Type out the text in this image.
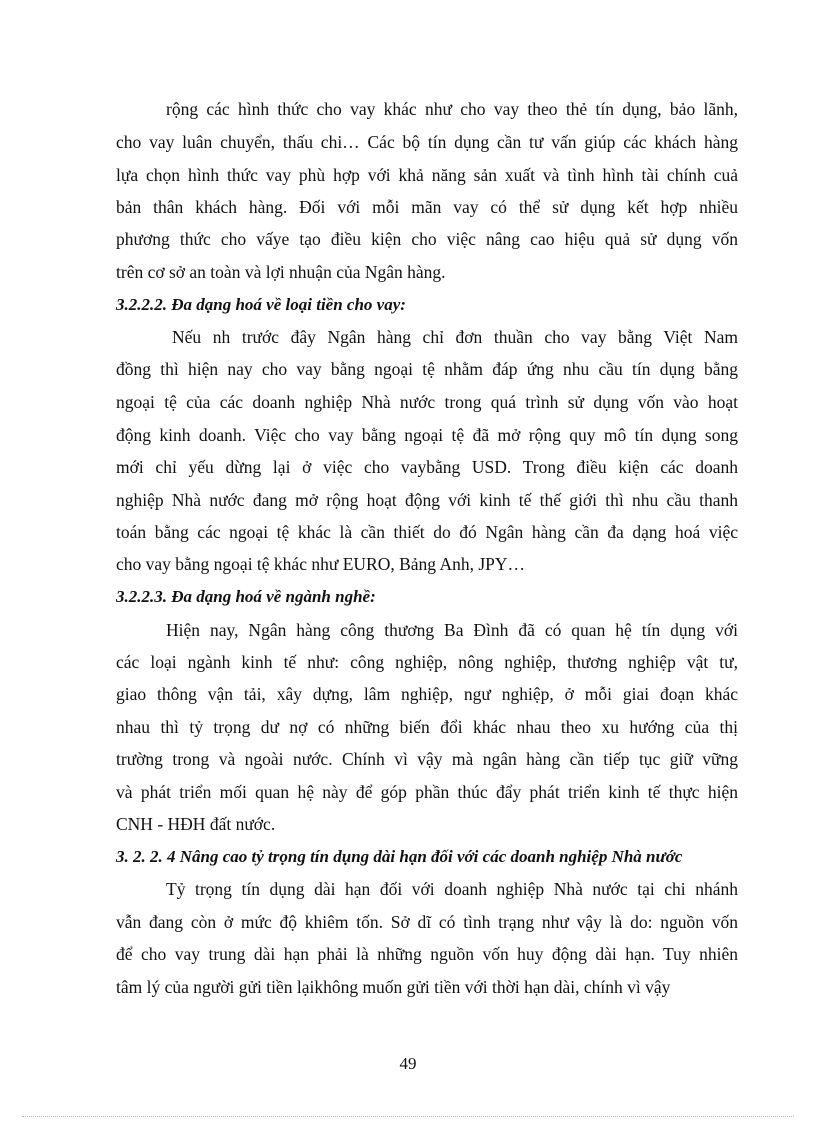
rộng các hình thức cho vay khác như cho vay theo thẻ tín dụng, bảo lãnh,
cho vay luân chuyển, thấu chi… Các bộ tín dụng cần tư vấn giúp các khách hàng
lựa chọn hình thức vay phù hợp với khả năng sản xuất và tình hình tài chính cuả
bản thân khách hàng. Đối với mỗi mãn vay có thể sử dụng kết hợp nhiều
phương thức cho vấye tạo điều kiện cho việc nâng cao hiệu quả sử dụng vốn
trên cơ sở an toàn và lợi nhuận của Ngân hàng.
3.2.2.2. Đa dạng hoá về loại tiền cho vay:
Nếu nh trước đây Ngân hàng chỉ đơn thuần cho vay bằng Việt Nam
đồng thì hiện nay cho vay bằng ngoại tệ nhằm đáp ứng nhu cầu tín dụng bằng
ngoại tệ của các doanh nghiệp Nhà nước trong quá trình sử dụng vốn vào hoạt
động kinh doanh. Việc cho vay bằng ngoại tệ đã mở rộng quy mô tín dụng song
mới chỉ yếu dừng lại ở việc cho vaybằng USD. Trong điều kiện các doanh
nghiệp Nhà nước đang mở rộng hoạt động với kinh tế thế giới thì nhu cầu thanh
toán bằng các ngoại tệ khác là cần thiết do đó Ngân hàng cần đa dạng hoá việc
cho vay bằng ngoại tệ khác như EURO, Bảng Anh, JPY…
3.2.2.3. Đa dạng hoá về ngành nghề:
Hiện nay, Ngân hàng công thương Ba Đình đã có quan hệ tín dụng với
các loại ngành kinh tế như: công nghiệp, nông nghiệp, thương nghiệp vật tư,
giao thông vận tải, xây dựng, lâm nghiệp, ngư nghiệp, ở mỗi giai đoạn khác
nhau thì tỷ trọng dư nợ có những biến đổi khác nhau theo xu hướng của thị
trường trong và ngoài nước. Chính vì vậy mà ngân hàng cần tiếp tục giữ vững
và phát triển mối quan hệ này để góp phần thúc đẩy phát triển kinh tế thực hiện
CNH - HĐH đất nước.
3. 2. 2. 4 Nâng cao tỷ trọng tín dụng dài hạn đối với các doanh nghiệp Nhà nước
Tỷ trọng tín dụng dài hạn đối với doanh nghiệp Nhà nước tại chi nhánh
vẫn đang còn ở mức độ khiêm tốn. Sở dĩ có tình trạng như vậy là do: nguồn vốn
để cho vay trung dài hạn phải là những nguồn vốn huy động dài hạn. Tuy nhiên
tâm lý của người gửi tiền lạikhông muốn gửi tiền với thời hạn dài, chính vì vậy
49
